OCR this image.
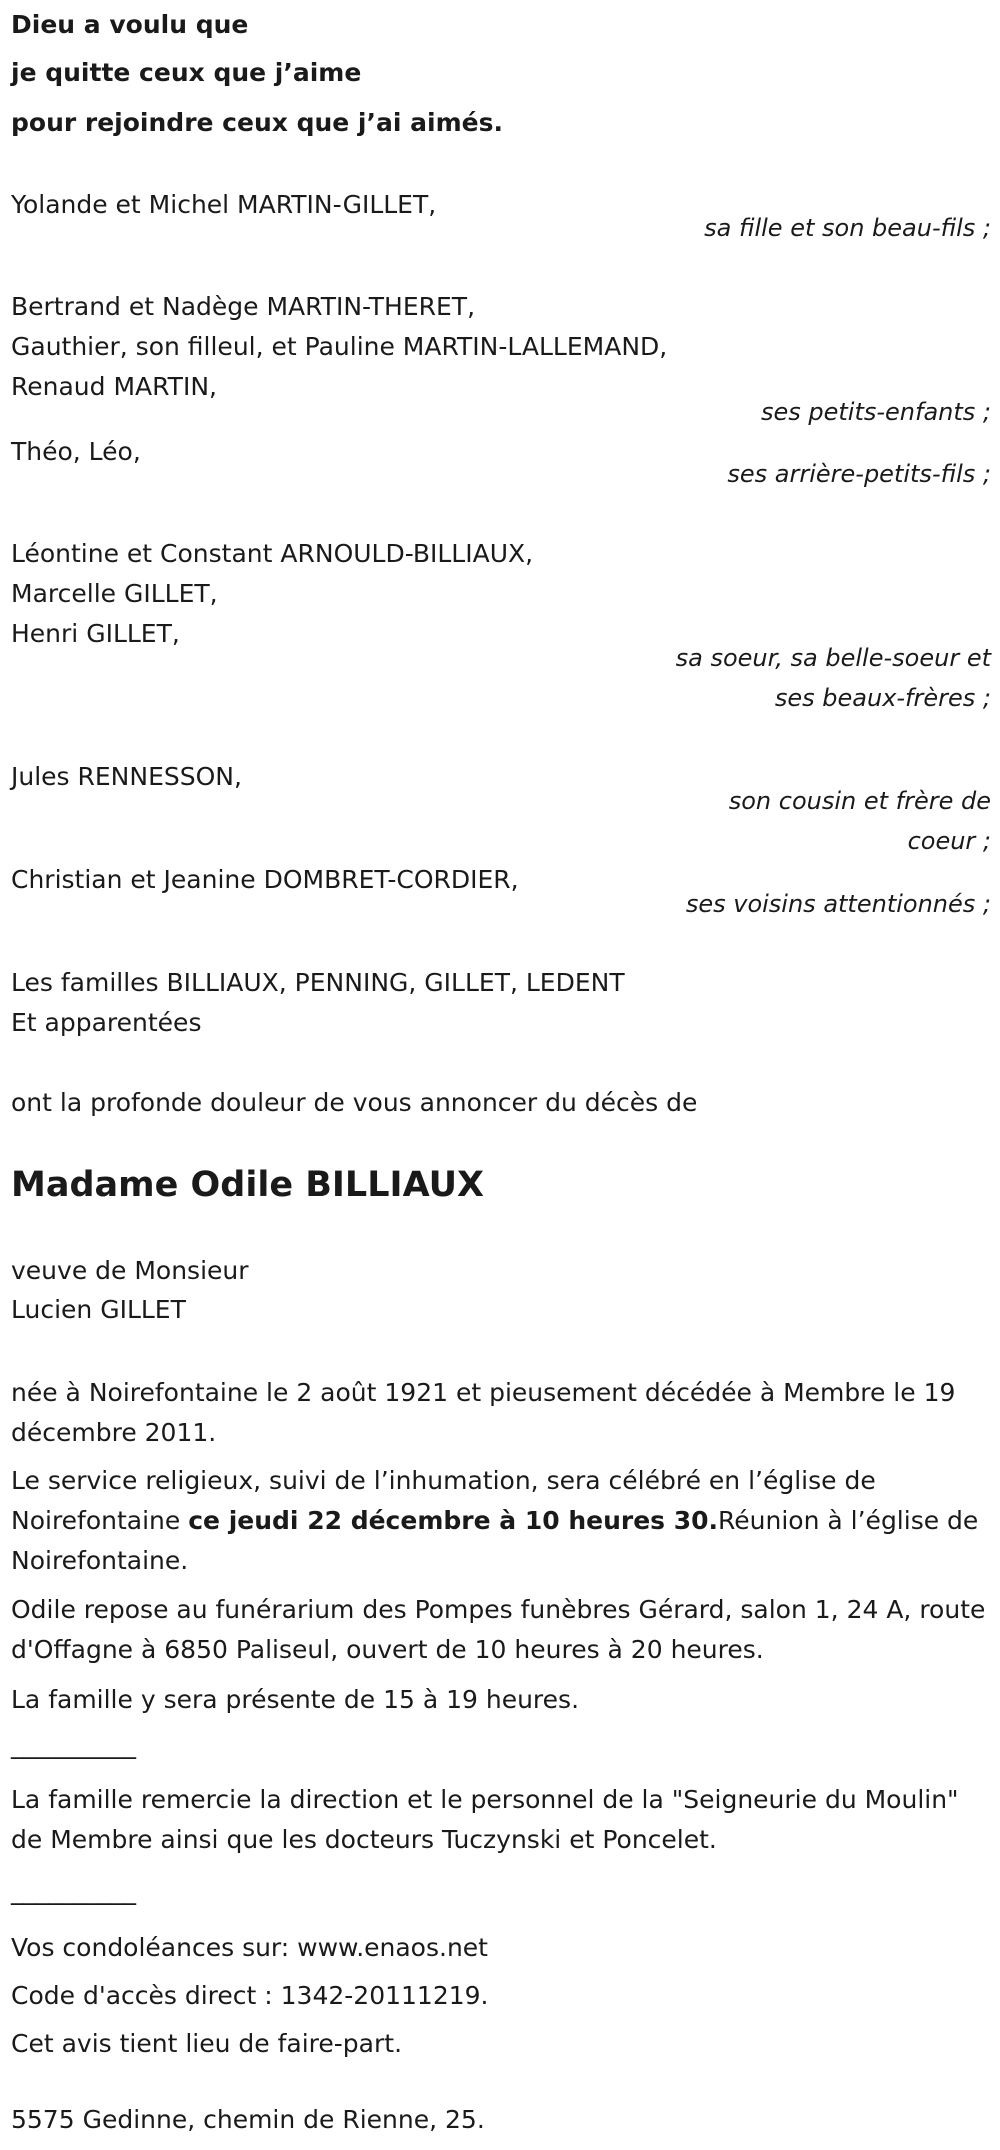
Dieu a voulu que
je quitte ceux que j’aime
pour rejoindre ceux que j’ai aimés.
Yolande et Michel MARTIN-GILLET,
sa fille et son beau-fils ;
Bertrand et Nadège MARTIN-THERET,
Gauthier, son filleul, et Pauline MARTIN-LALLEMAND,
Renaud MARTIN,
ses petits-enfants ;
Théo, Léo,
ses arrière-petits-fils ;
Léontine et Constant ARNOULD-BILLIAUX,
Marcelle GILLET,
Henri GILLET,
sa soeur, sa belle-soeur et ses beaux-frères ;
Jules RENNESSON,
son cousin et frère de coeur ;
Christian et Jeanine DOMBRET-CORDIER,
ses voisins attentionnés ;
Les familles BILLIAUX, PENNING, GILLET, LEDENT
Et apparentées
ont la profonde douleur de vous annoncer du décès de
Madame Odile BILLIAUX
veuve de Monsieur
Lucien GILLET
née à Noirefontaine le 2 août 1921 et pieusement décédée à Membre le 19 décembre 2011.
Le service religieux, suivi de l’inhumation, sera célébré en l’église de Noirefontaine ce jeudi 22 décembre à 10 heures 30.Réunion à l’église de Noirefontaine.
Odile repose au funérarium des Pompes funèbres Gérard, salon 1, 24 A, route d'Offagne à 6850 Paliseul, ouvert de 10 heures à 20 heures.
La famille y sera présente de 15 à 19 heures.
__________
La famille remercie la direction et le personnel de la "Seigneurie du Moulin" de Membre ainsi que les docteurs Tuczynski et Poncelet.
__________
Vos condoléances sur: www.enaos.net
Code d'accès direct : 1342-20111219.
Cet avis tient lieu de faire-part.
5575 Gedinne, chemin de Rienne, 25.
